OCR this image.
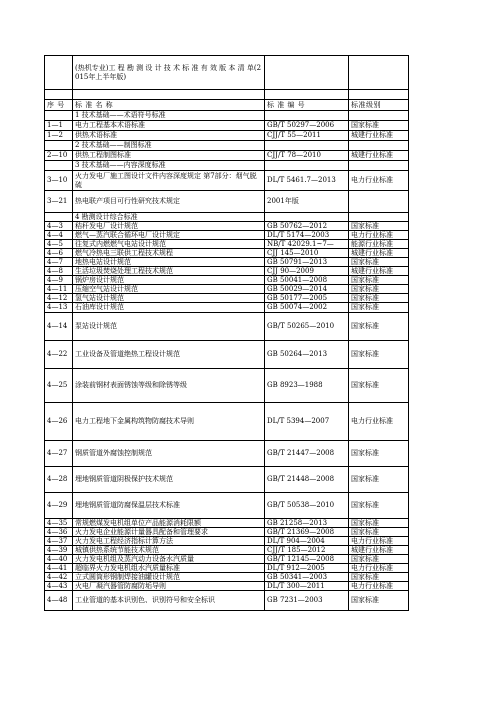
	(热机专业)工 程 勘 测 设 计 技 术 标 准 有 效 版 本 清 单(2015年上半年版)		

序 号	标 准 名 称	标 准 编 号	标准级别
	1 技术基础——术语符号标准		
1—1	电力工程基本术语标准	GB/T 50297—2006	国家标准
1—2	供热术语标准	CJJ/T 55—2011	城建行业标准
	2 技术基础——制图标准		
2—10	供热工程制图标准	CJJ/T 78—2010	城建行业标准
	3 技术基础——内容深度标准		
3—10	火力发电厂施工图设计文件内容深度规定 第7部分：烟气脱硫	DL/T 5461.7—2013	电力行业标准
3—21	热电联产项目可行性研究技术规定	2001年版	
	4 勘测设计综合标准		
4—3	秸秆发电厂设计规范	GB 50762—2012	国家标准
4—4	燃气—蒸汽联合循环电厂设计规定	DL/T 5174—2003	电力行业标准
4—5	往复式内燃燃气电站设计规范	NB/T 42029.1~7—	能源行业标准
4—6	燃气冷热电三联供工程技术规程	CJJ 145—2010	城建行业标准
4—7	地热电站设计规范	GB 50791—2013	国家标准
4—8	生活垃圾焚烧处理工程技术规范	CJJ 90—2009	城建行业标准
4—9	锅炉房设计规范	GB 50041—2008	国家标准
4—11	压缩空气站设计规范	GB 50029—2014	国家标准
4—12	氢气站设计规范	GB 50177—2005	国家标准
4—13	石油库设计规范	GB 50074—2002	国家标准
4—14	泵站设计规范	GB/T 50265—2010	国家标准
4—22	工业设备及管道绝热工程设计规范	GB 50264—2013	国家标准
4—25	涂装前钢材表面锈蚀等级和除锈等级	GB 8923—1988	国家标准
4—26	电力工程地下金属构筑物防腐技术导则	DL/T 5394—2007	电力行业标准
4—27	钢质管道外腐蚀控制规范	GB/T 21447—2008	国家标准
4—28	埋地钢质管道阴极保护技术规范	GB/T 21448—2008	国家标准
4—29	埋地钢质管道防腐保温层技术标准	GB/T 50538—2010	国家标准
4—35	常规燃煤发电机组单位产品能源消耗限额	GB 21258—2013	国家标准
4—36	火力发电企业能源计量器具配备和管理要求	GB/T 21369—2008	国家标准
4—37	火力发电工程经济指标计算方法	DL/T 904—2004	电力行业标准
4—39	城镇供热系统节能技术规范	CJJ/T 185—2012	城建行业标准
4—40	火力发电机组及蒸汽动力设备水汽质量	GB/T 12145—2008	国家标准
4—41	超临界火力发电机组水汽质量标准	DL/T 912—2005	电力行业标准
4—42	立式圆筒形钢制焊接油罐设计规范	GB 50341—2003	国家标准
4—43	火电厂凝汽器管防腐防垢导则	DL/T 300—2011	电力行业标准
4—48	工业管道的基本识别色、识别符号和安全标识	GB 7231—2003	国家标准
